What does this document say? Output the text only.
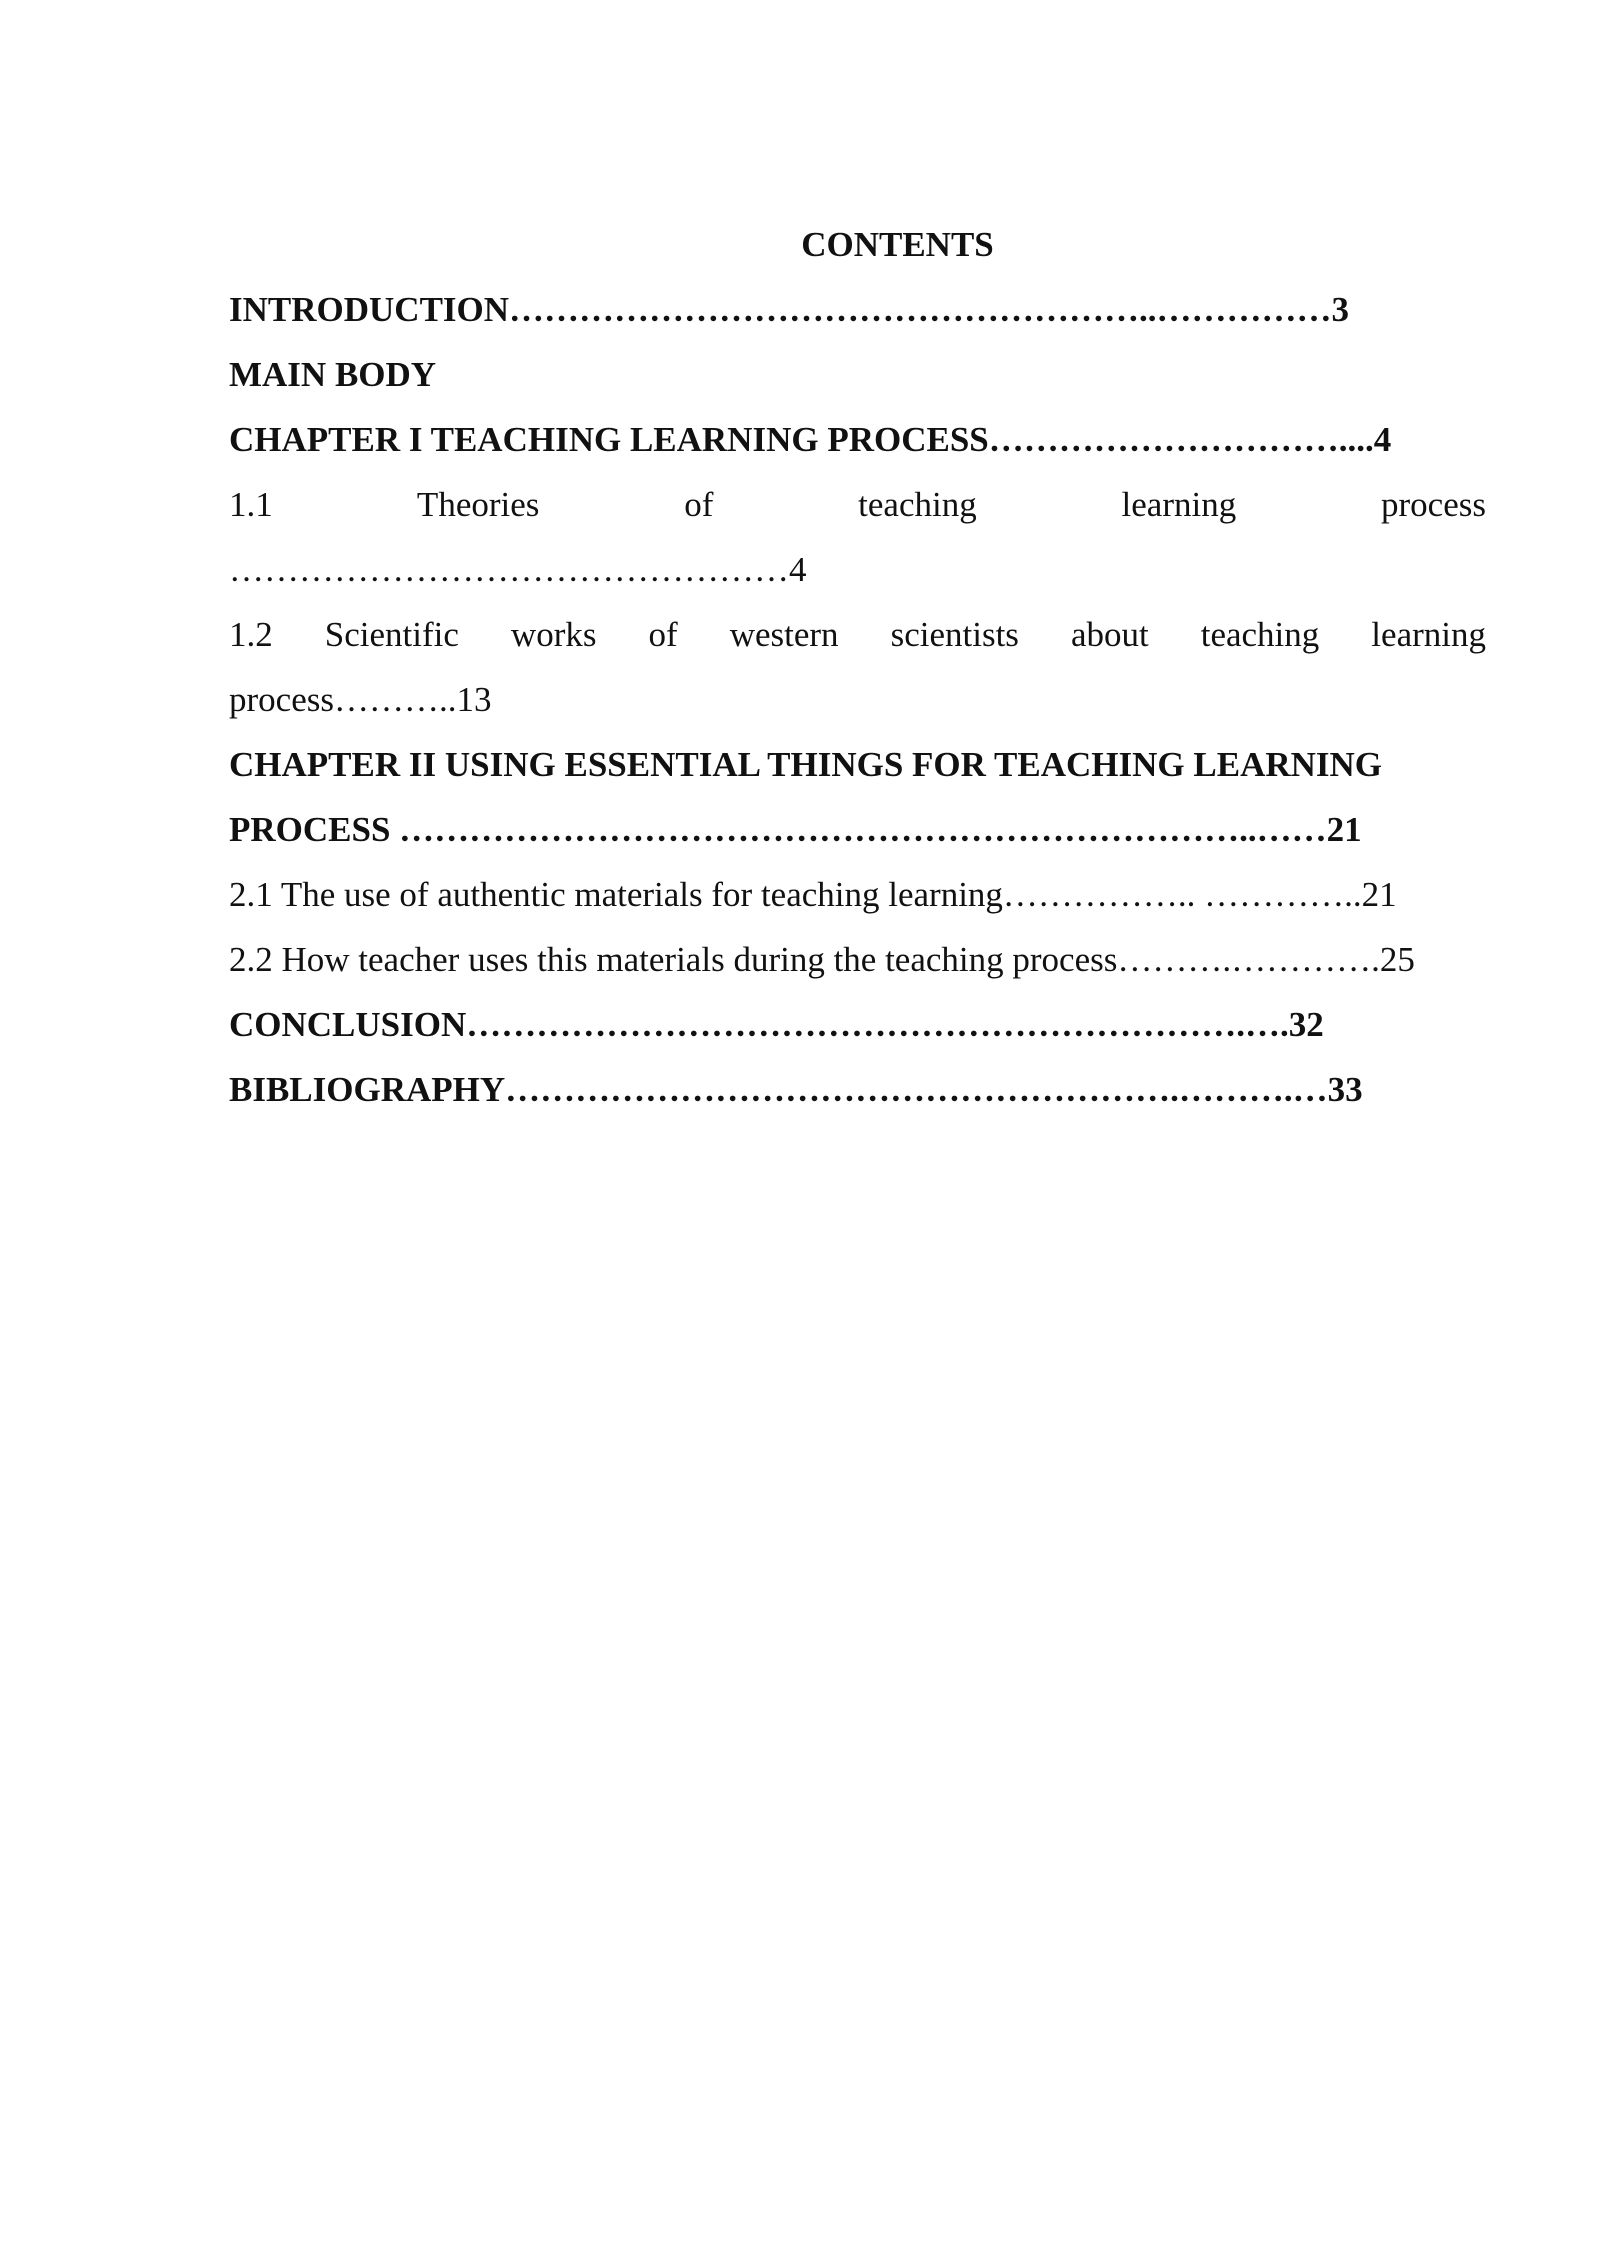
CONTENTS
INTRODUCTION………………………………………………..……………3
MAIN BODY
CHAPTER I TEACHING LEARNING PROCESS…………………………....4
1.1 Theories of teaching learning process
…………………………………………4
1.2 Scientific works of western scientists about teaching learning
process………..13
CHAPTER II USING ESSENTIAL THINGS FOR TEACHING LEARNING
PROCESS ………………………………………………………………..……21
2.1 The use of authentic materials for teaching learning…………….. …………..21
2.2 How teacher uses this materials during the teaching process……….………….25
CONCLUSION………………………………………………………….….32
BIBLIOGRAPHY………………………………………………….……….…33
